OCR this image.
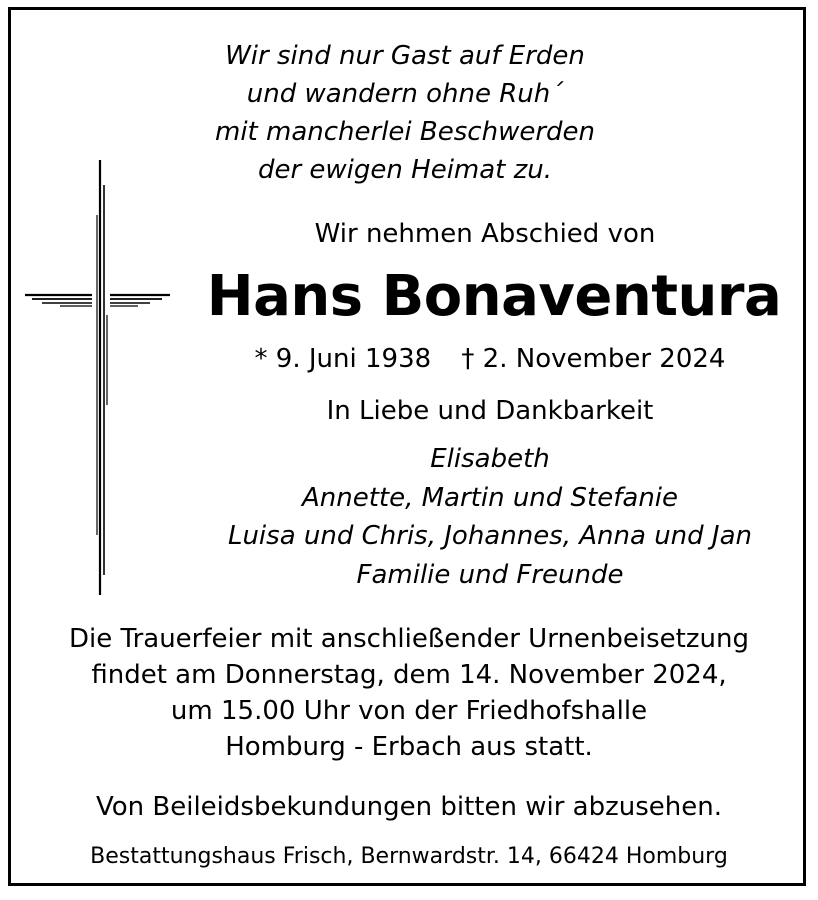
Wir sind nur Gast auf Erden
und wandern ohne Ruh´
mit mancherlei Beschwerden
der ewigen Heimat zu.
Wir nehmen Abschied von
Hans Bonaventura
* 9. Juni 1938 † 2. November 2024
In Liebe und Dankbarkeit
Elisabeth
Annette, Martin und Stefanie
Luisa und Chris, Johannes, Anna und Jan
Familie und Freunde
Die Trauerfeier mit anschließender Urnenbeisetzung
findet am Donnerstag, dem 14. November 2024,
um 15.00 Uhr von der Friedhofshalle
Homburg - Erbach aus statt.
Von Beileidsbekundungen bitten wir abzusehen.
Bestattungshaus Frisch, Bernwardstr. 14, 66424 Homburg
